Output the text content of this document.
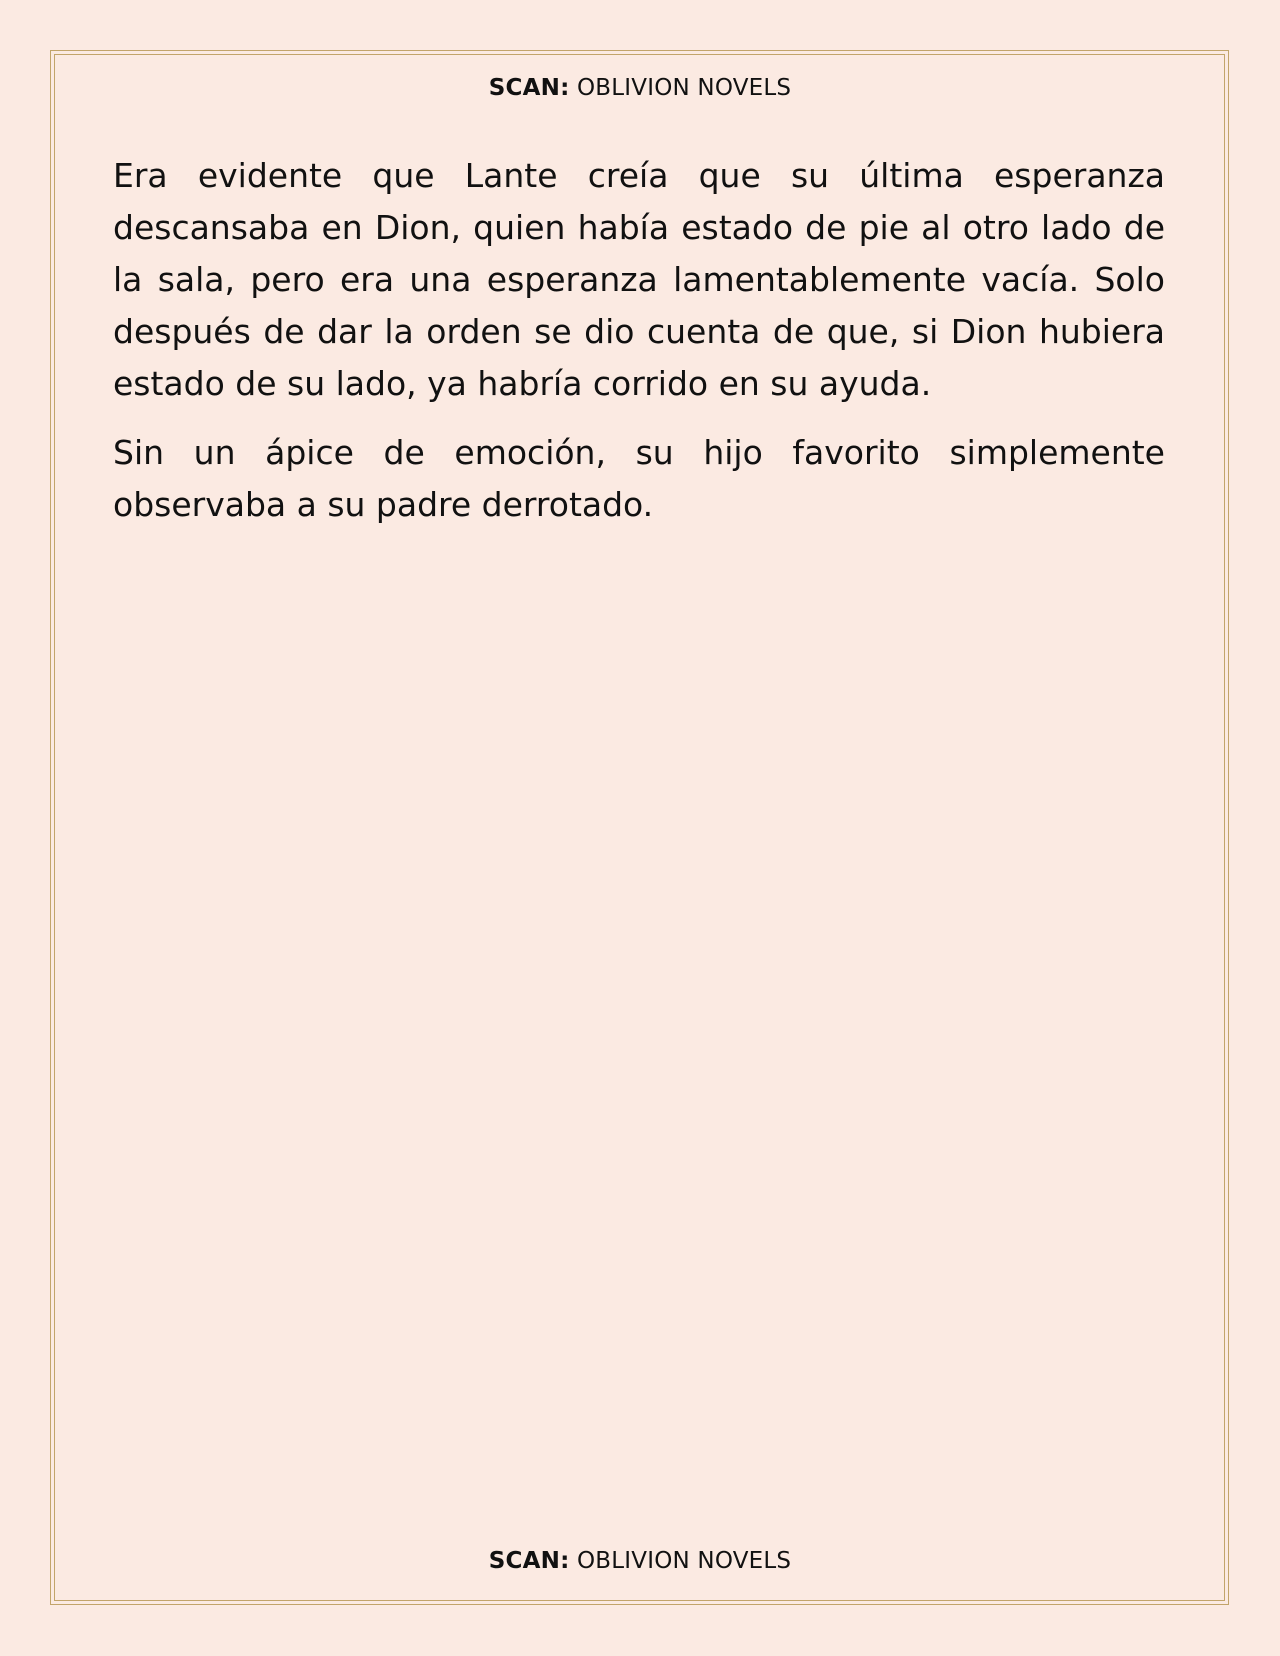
SCAN: OBLIVION NOVELS

Era evidente que Lante creía que su última esperanza descansaba en Dion, quien había estado de pie al otro lado de la sala, pero era una esperanza lamentablemente vacía. Solo después de dar la orden se dio cuenta de que, si Dion hubiera estado de su lado, ya habría corrido en su ayuda.

Sin un ápice de emoción, su hijo favorito simplemente observaba a su padre derrotado.

SCAN: OBLIVION NOVELS
